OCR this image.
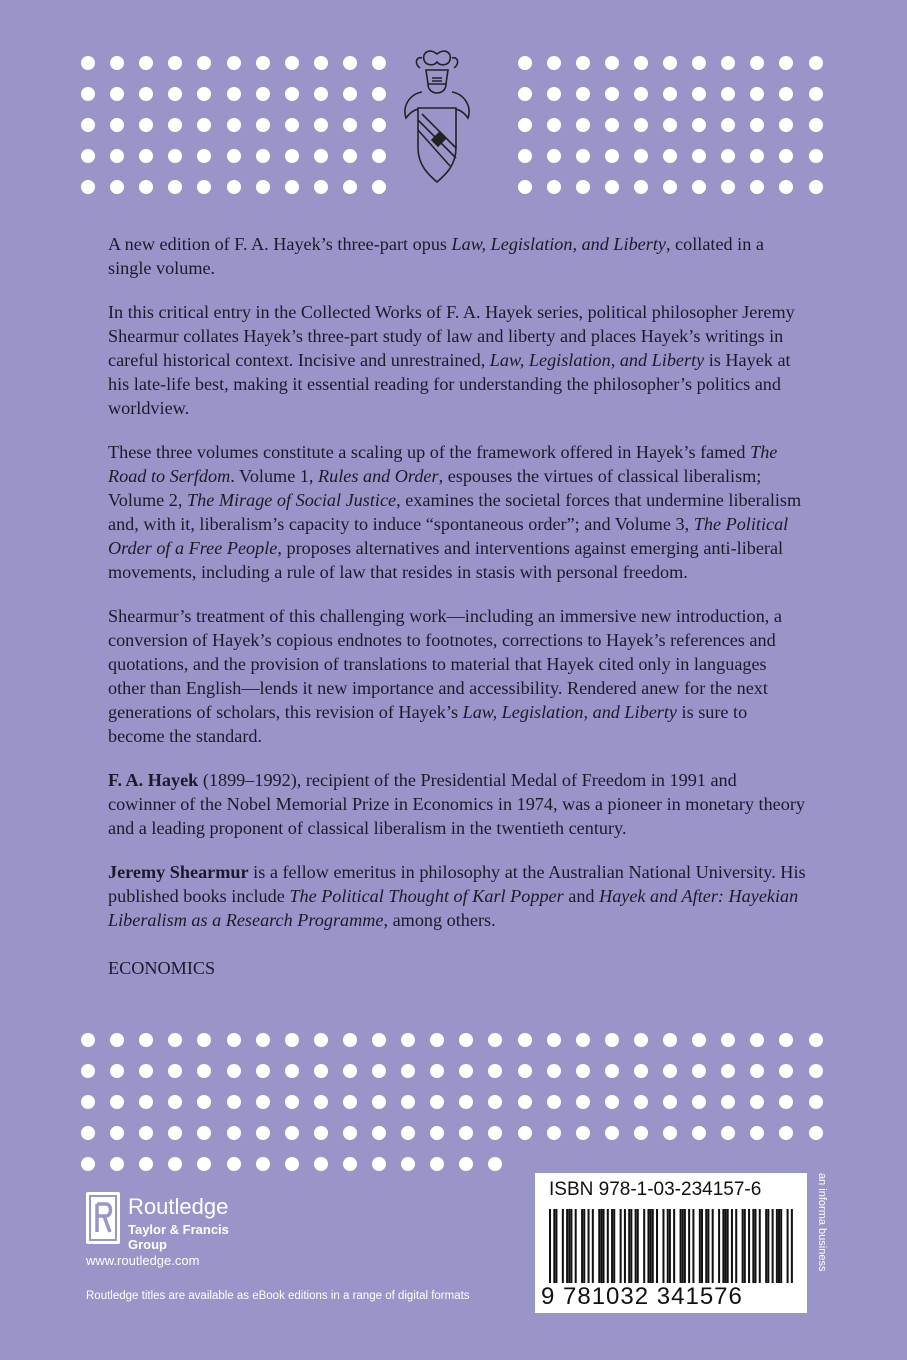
A new edition of F. A. Hayek’s three-part opus Law, Legislation, and Liberty, collated in a single volume.

In this critical entry in the Collected Works of F. A. Hayek series, political philosopher Jeremy Shearmur collates Hayek’s three-part study of law and liberty and places Hayek’s writings in careful historical context. Incisive and unrestrained, Law, Legislation, and Liberty is Hayek at his late-life best, making it essential reading for understanding the philosopher’s politics and worldview.

These three volumes constitute a scaling up of the framework offered in Hayek’s famed The Road to Serfdom. Volume 1, Rules and Order, espouses the virtues of classical liberalism; Volume 2, The Mirage of Social Justice, examines the societal forces that undermine liberalism and, with it, liberalism’s capacity to induce “spontaneous order”; and Volume 3, The Political Order of a Free People, proposes alternatives and interventions against emerging anti-liberal movements, including a rule of law that resides in stasis with personal freedom.

Shearmur’s treatment of this challenging work—including an immersive new introduction, a conversion of Hayek’s copious endnotes to footnotes, corrections to Hayek’s references and quotations, and the provision of translations to material that Hayek cited only in languages other than English—lends it new importance and accessibility. Rendered anew for the next generations of scholars, this revision of Hayek’s Law, Legislation, and Liberty is sure to become the standard.

F. A. Hayek (1899–1992), recipient of the Presidential Medal of Freedom in 1991 and cowinner of the Nobel Memorial Prize in Economics in 1974, was a pioneer in monetary theory and a leading proponent of classical liberalism in the twentieth century.

Jeremy Shearmur is a fellow emeritus in philosophy at the Australian National University. His published books include The Political Thought of Karl Popper and Hayek and After: Hayekian Liberalism as a Research Programme, among others.

ECONOMICS

Routledge
Taylor & Francis Group
www.routledge.com
Routledge titles are available as eBook editions in a range of digital formats
ISBN 978-1-03-234157-6
9 781032 341576
an informa business
